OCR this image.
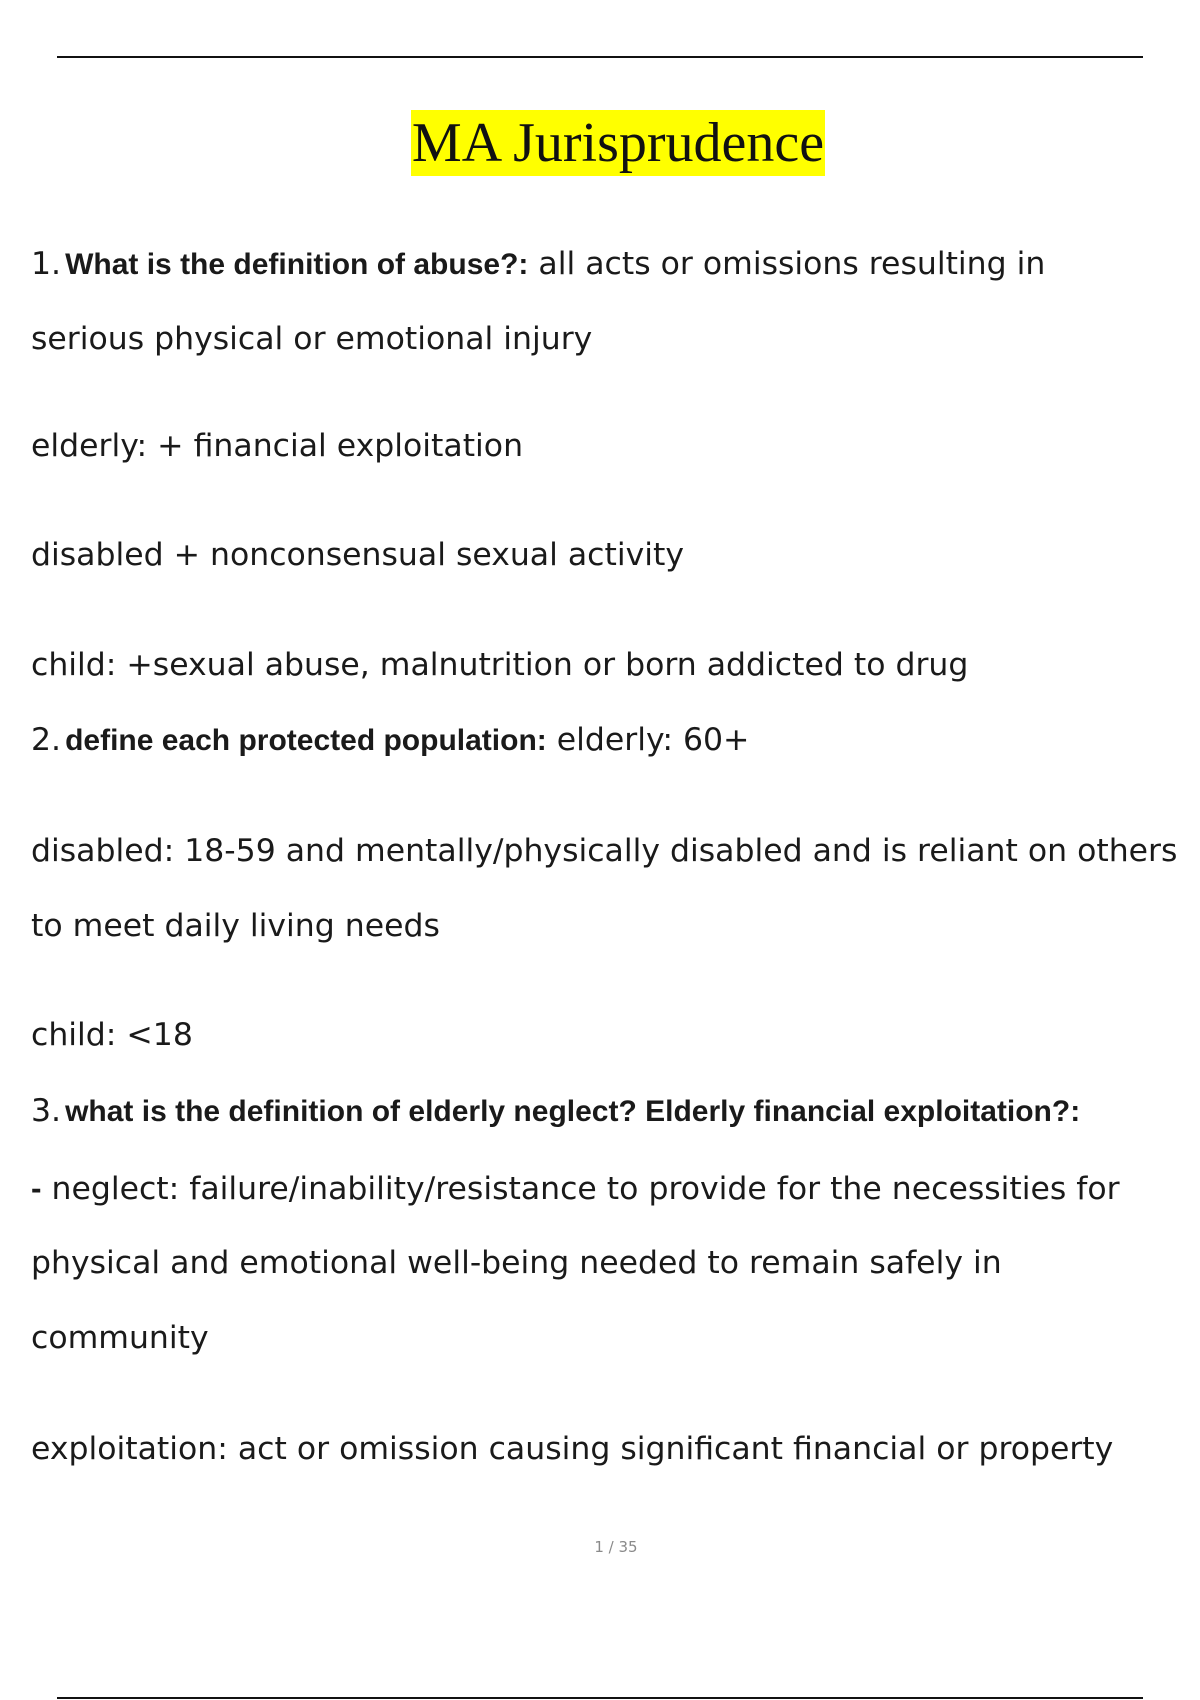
MA Jurisprudence
1. What is the definition of abuse?: all acts or omissions resulting in
serious physical or emotional injury
elderly: + financial exploitation
disabled + nonconsensual sexual activity
child: +sexual abuse, malnutrition or born addicted to drug
2. define each protected population: elderly: 60+
disabled: 18-59 and mentally/physically disabled and is reliant on others
to meet daily living needs
child: <18
3. what is the definition of elderly neglect? Elderly financial exploitation?:
- neglect: failure/inability/resistance to provide for the necessities for
physical and emotional well-being needed to remain safely in
community
exploitation: act or omission causing significant financial or property
1 / 35
